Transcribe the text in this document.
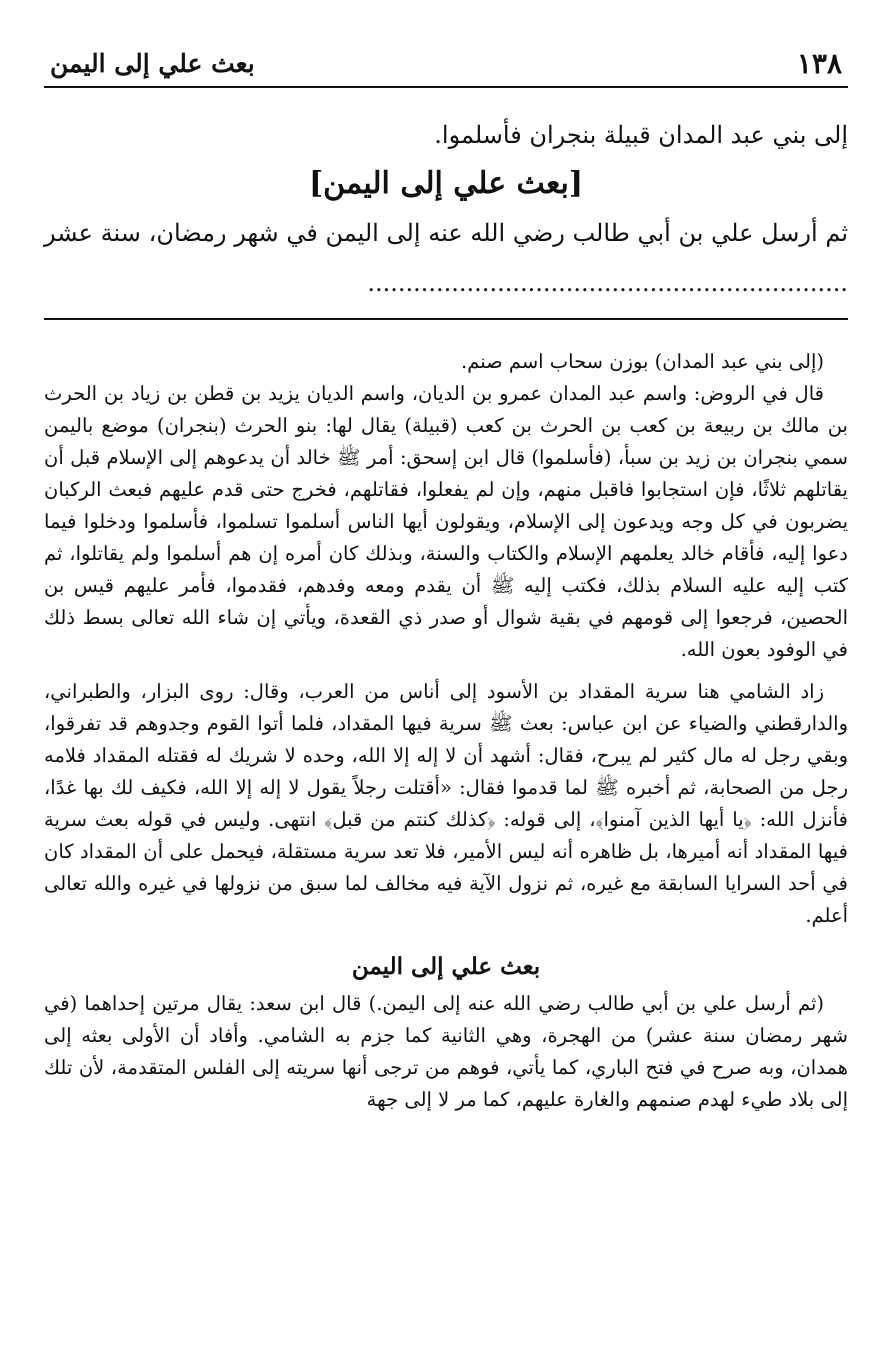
١٣٨
بعث علي إلى اليمن

إلى بني عبد المدان قبيلة بنجران فأسلموا.

[بعث علي إلى اليمن]

ثم أرسل علي بن أبي طالب رضي الله عنه إلى اليمن في شهر رمضان، سنة عشر ...............................................................

(إلى بني عبد المدان) بوزن سحاب اسم صنم.

قال في الروض: واسم عبد المدان عمرو بن الديان، واسم الديان يزيد بن قطن بن زياد بن الحرث بن مالك بن ربيعة بن كعب بن الحرث بن كعب (قبيلة) يقال لها: بنو الحرث (بنجران) موضع باليمن سمي بنجران بن زيد بن سبأ، (فأسلموا) قال ابن إسحق: أمر ﷺ خالد أن يدعوهم إلى الإسلام قبل أن يقاتلهم ثلاثًا، فإن استجابوا فاقبل منهم، وإن لم يفعلوا، فقاتلهم، فخرج حتى قدم عليهم فبعث الركبان يضربون في كل وجه ويدعون إلى الإسلام، ويقولون أيها الناس أسلموا تسلموا، فأسلموا ودخلوا فيما دعوا إليه، فأقام خالد يعلمهم الإسلام والكتاب والسنة، وبذلك كان أمره إن هم أسلموا ولم يقاتلوا، ثم كتب إليه عليه السلام بذلك، فكتب إليه ﷺ أن يقدم ومعه وفدهم، فقدموا، فأمر عليهم قيس بن الحصين، فرجعوا إلى قومهم في بقية شوال أو صدر ذي القعدة، ويأتي إن شاء الله تعالى بسط ذلك في الوفود بعون الله.

زاد الشامي هنا سرية المقداد بن الأسود إلى أناس من العرب، وقال: روى البزار، والطبراني، والدارقطني والضياء عن ابن عباس: بعث ﷺ سرية فيها المقداد، فلما أتوا القوم وجدوهم قد تفرقوا، وبقي رجل له مال كثير لم يبرح، فقال: أشهد أن لا إله إلا الله، وحده لا شريك له فقتله المقداد فلامه رجل من الصحابة، ثم أخبره ﷺ لما قدموا فقال: «أقتلت رجلاً يقول لا إله إلا الله، فكيف لك بها غدًا، فأنزل الله: ﴿يا أيها الذين آمنوا﴾، إلى قوله: ﴿كذلك كنتم من قبل﴾ انتهى. وليس في قوله بعث سرية فيها المقداد أنه أميرها، بل ظاهره أنه ليس الأمير، فلا تعد سرية مستقلة، فيحمل على أن المقداد كان في أحد السرايا السابقة مع غيره، ثم نزول الآية فيه مخالف لما سبق من نزولها في غيره والله تعالى أعلم.

بعث علي إلى اليمن

(ثم أرسل علي بن أبي طالب رضي الله عنه إلى اليمن.) قال ابن سعد: يقال مرتين إحداهما (في شهر رمضان سنة عشر) من الهجرة، وهي الثانية كما جزم به الشامي. وأفاد أن الأولى بعثه إلى همدان، وبه صرح في فتح الباري، كما يأتي، فوهم من ترجى أنها سريته إلى الفلس المتقدمة، لأن تلك إلى بلاد طيء لهدم صنمهم والغارة عليهم، كما مر لا إلى جهة
